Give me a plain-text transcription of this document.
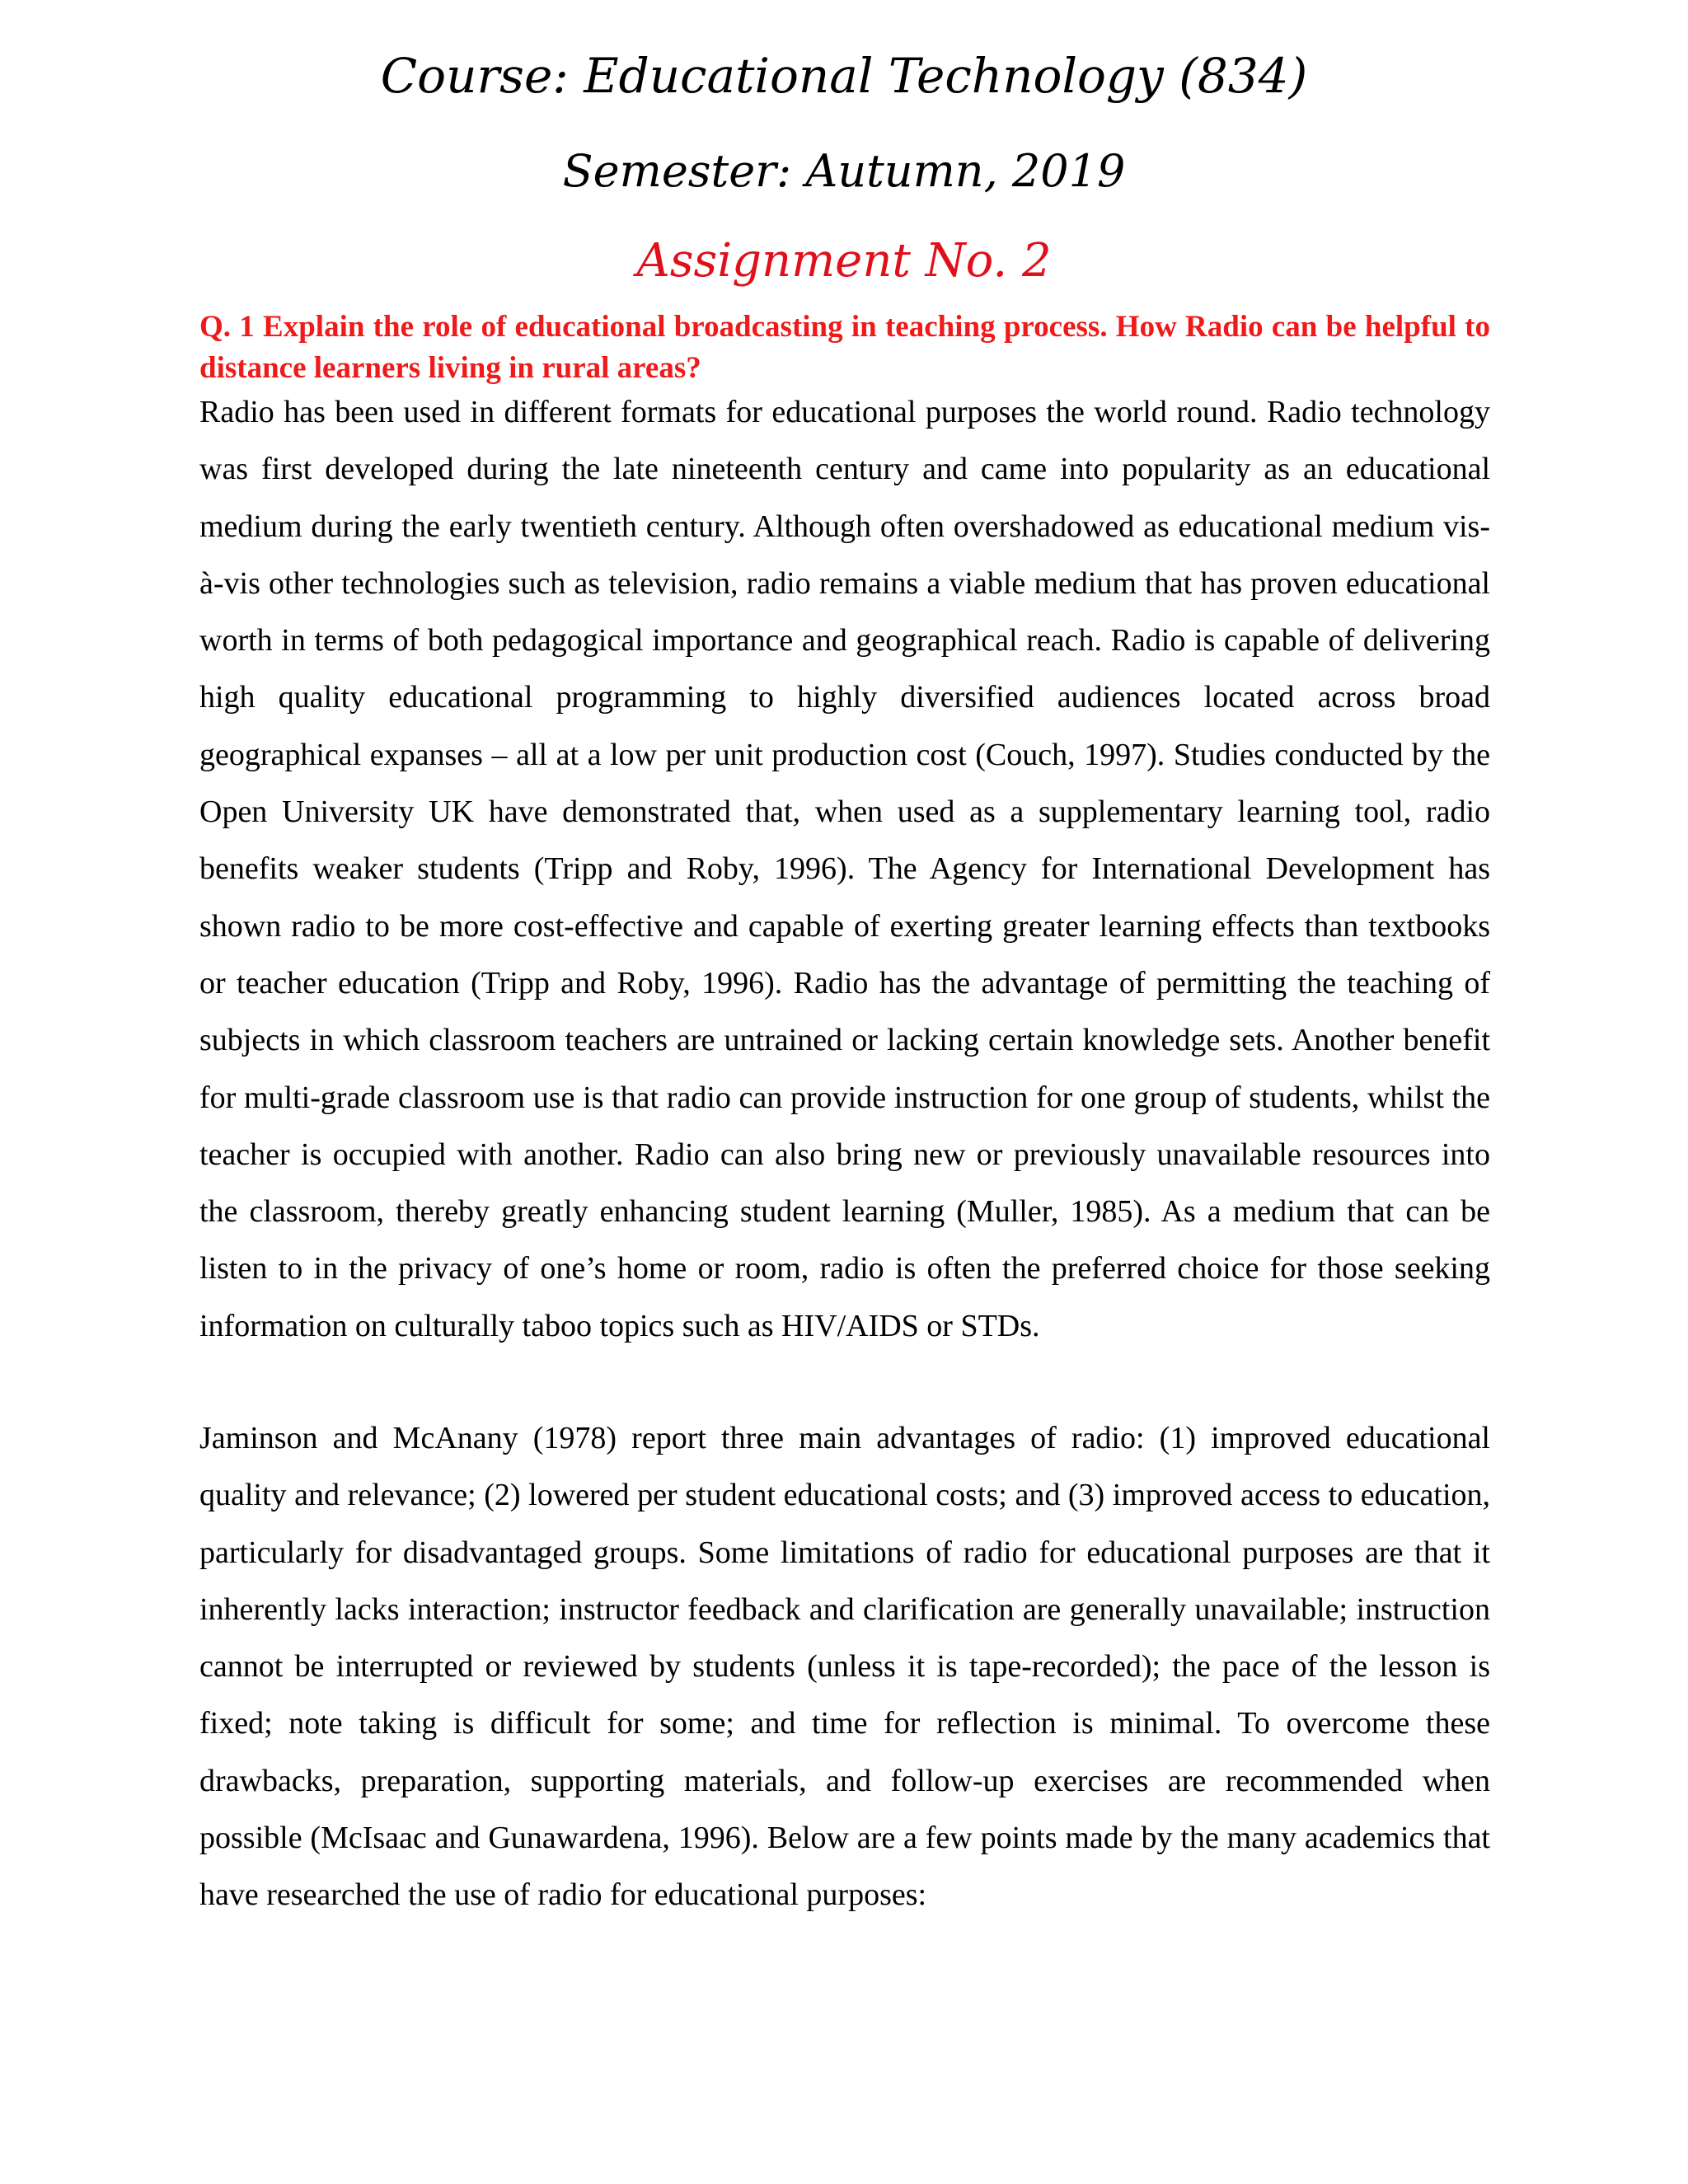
Course: Educational Technology (834)
Semester: Autumn, 2019
Assignment No. 2

Q. 1 Explain the role of educational broadcasting in teaching process. How Radio can be helpful to distance learners living in rural areas?

Radio has been used in different formats for educational purposes the world round. Radio technology was first developed during the late nineteenth century and came into popularity as an educational medium during the early twentieth century. Although often overshadowed as educational medium vis-à-vis other technologies such as television, radio remains a viable medium that has proven educational worth in terms of both pedagogical importance and geographical reach. Radio is capable of delivering high quality educational programming to highly diversified audiences located across broad geographical expanses – all at a low per unit production cost (Couch, 1997). Studies conducted by the Open University UK have demonstrated that, when used as a supplementary learning tool, radio benefits weaker students (Tripp and Roby, 1996). The Agency for International Development has shown radio to be more cost-effective and capable of exerting greater learning effects than textbooks or teacher education (Tripp and Roby, 1996). Radio has the advantage of permitting the teaching of subjects in which classroom teachers are untrained or lacking certain knowledge sets. Another benefit for multi-grade classroom use is that radio can provide instruction for one group of students, whilst the teacher is occupied with another. Radio can also bring new or previously unavailable resources into the classroom, thereby greatly enhancing student learning (Muller, 1985). As a medium that can be listen to in the privacy of one’s home or room, radio is often the preferred choice for those seeking information on culturally taboo topics such as HIV/AIDS or STDs.

Jaminson and McAnany (1978) report three main advantages of radio: (1) improved educational quality and relevance; (2) lowered per student educational costs; and (3) improved access to education, particularly for disadvantaged groups. Some limitations of radio for educational purposes are that it inherently lacks interaction; instructor feedback and clarification are generally unavailable; instruction cannot be interrupted or reviewed by students (unless it is tape-recorded); the pace of the lesson is fixed; note taking is difficult for some; and time for reflection is minimal. To overcome these drawbacks, preparation, supporting materials, and follow-up exercises are recommended when possible (McIsaac and Gunawardena, 1996). Below are a few points made by the many academics that have researched the use of radio for educational purposes:
